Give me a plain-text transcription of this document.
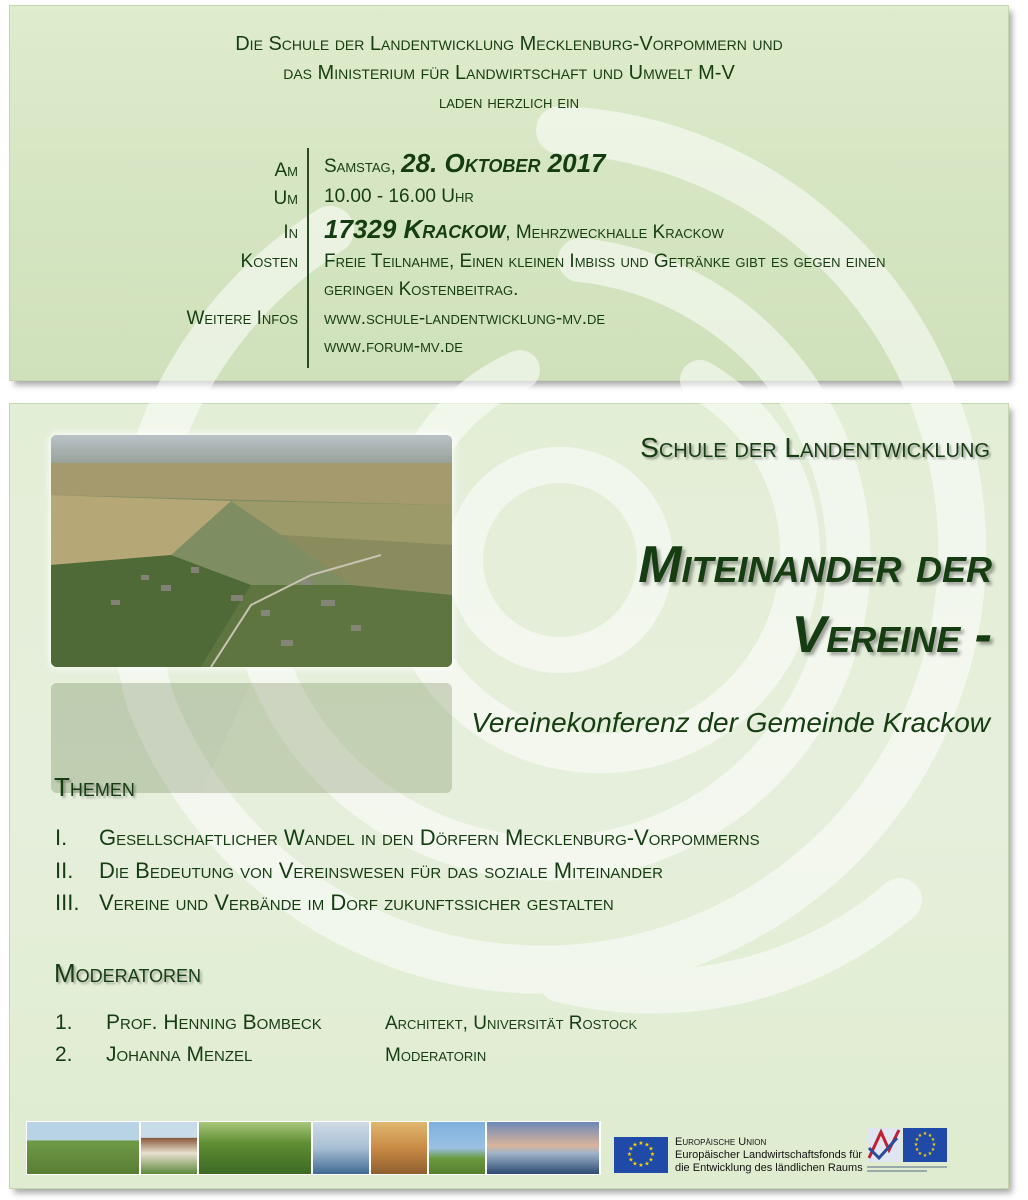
Die Schule der Landentwicklung Mecklenburg-Vorpommern und
das Ministerium für Landwirtschaft und Umwelt M-V
laden herzlich ein
Am Samstag, 28. Oktober 2017
Um 10.00 - 16.00 Uhr
In 17329 Krackow, Mehrzweckhalle Krackow
Kosten Freie Teilnahme, Einen kleinen Imbiss und Getränke gibt es gegen einen
geringen Kostenbeitrag.
Weitere Infos www.schule-landentwicklung-mv.de
www.forum-mv.de
Schule der Landentwicklung
Miteinander der
Vereine -
Vereinekonferenz der Gemeinde Krackow
Themen
I. Gesellschaftlicher Wandel in den Dörfern Mecklenburg-Vorpommerns
II. Die Bedeutung von Vereinswesen für das soziale Miteinander
III. Vereine und Verbände im Dorf zukunftssicher gestalten
Moderatoren
1. Prof. Henning Bombeck	Architekt, Universität Rostock
2. Johanna Menzel	Moderatorin
★ ★
★
★
★
★
★
★
★
★
★
★	Europäische Union
Europäischer Landwirtschaftsfonds für
die Entwicklung des ländlichen Raums
★ ★
★
★
★
★
★
★
★
★
★
★
